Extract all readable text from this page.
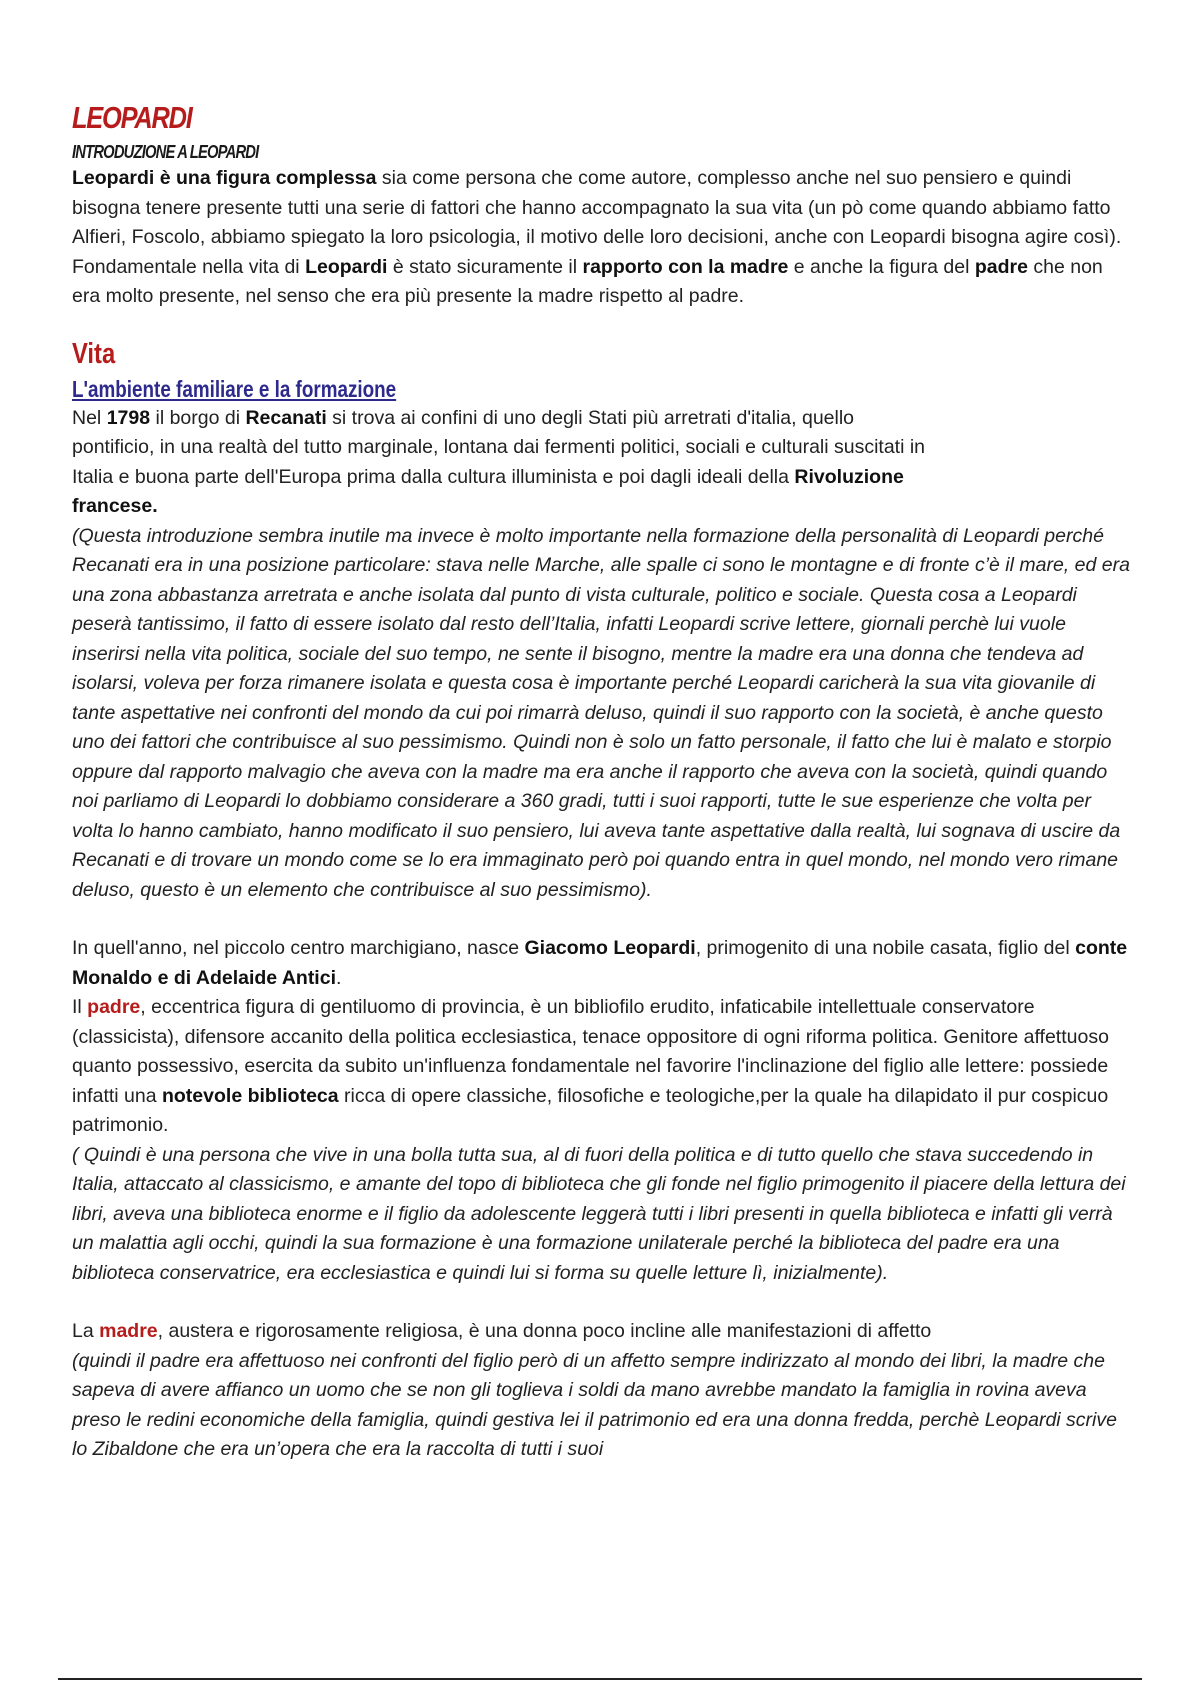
LEOPARDI
INTRODUZIONE A LEOPARDI

Leopardi è una figura complessa sia come persona che come autore, complesso anche nel suo pensiero e quindi bisogna tenere presente tutti una serie di fattori che hanno accompagnato la sua vita (un pò come quando abbiamo fatto Alfieri, Foscolo, abbiamo spiegato la loro psicologia, il motivo delle loro decisioni, anche con Leopardi bisogna agire così). Fondamentale nella vita di Leopardi è stato sicuramente il rapporto con la madre e anche la figura del padre che non era molto presente, nel senso che era più presente la madre rispetto al padre.

Vita
L'ambiente familiare e la formazione

Nel 1798 il borgo di Recanati si trova ai confini di uno degli Stati più arretrati d'italia, quello pontificio, in una realtà del tutto marginale, lontana dai fermenti politici, sociali e culturali suscitati in Italia e buona parte dell'Europa prima dalla cultura illuminista e poi dagli ideali della Rivoluzione francese.

(Questa introduzione sembra inutile ma invece è molto importante nella formazione della personalità di Leopardi perché Recanati era in una posizione particolare: stava nelle Marche, alle spalle ci sono le montagne e di fronte c’è il mare, ed era una zona abbastanza arretrata e anche isolata dal punto di vista culturale, politico e sociale. Questa cosa a Leopardi peserà tantissimo, il fatto di essere isolato dal resto dell’Italia, infatti Leopardi scrive lettere, giornali perchè lui vuole inserirsi nella vita politica, sociale del suo tempo, ne sente il bisogno, mentre la madre era una donna che tendeva ad isolarsi, voleva per forza rimanere isolata e questa cosa è importante perché Leopardi caricherà la sua vita giovanile di tante aspettative nei confronti del mondo da cui poi rimarrà deluso, quindi il suo rapporto con la società, è anche questo uno dei fattori che contribuisce al suo pessimismo. Quindi non è solo un fatto personale, il fatto che lui è malato e storpio oppure dal rapporto malvagio che aveva con la madre ma era anche il rapporto che aveva con la società, quindi quando noi parliamo di Leopardi lo dobbiamo considerare a 360 gradi, tutti i suoi rapporti, tutte le sue esperienze che volta per volta lo hanno cambiato, hanno modificato il suo pensiero, lui aveva tante aspettative dalla realtà, lui sognava di uscire da Recanati e di trovare un mondo come se lo era immaginato però poi quando entra in quel mondo, nel mondo vero rimane deluso, questo è un elemento che contribuisce al suo pessimismo).

In quell'anno, nel piccolo centro marchigiano, nasce Giacomo Leopardi, primogenito di una nobile casata, figlio del conte Monaldo e di Adelaide Antici.

Il padre, eccentrica figura di gentiluomo di provincia, è un bibliofilo erudito, infaticabile intellettuale conservatore (classicista), difensore accanito della politica ecclesiastica, tenace oppositore di ogni riforma politica. Genitore affettuoso quanto possessivo, esercita da subito un'influenza fondamentale nel favorire l'inclinazione del figlio alle lettere: possiede infatti una notevole biblioteca ricca di opere classiche, filosofiche e teologiche,per la quale ha dilapidato il pur cospicuo patrimonio.

( Quindi è una persona che vive in una bolla tutta sua, al di fuori della politica e di tutto quello che stava succedendo in Italia, attaccato al classicismo, e amante del topo di biblioteca che gli fonde nel figlio primogenito il piacere della lettura dei libri, aveva una biblioteca enorme e il figlio da adolescente leggerà tutti i libri presenti in quella biblioteca e infatti gli verrà un malattia agli occhi, quindi la sua formazione è una formazione unilaterale perché la biblioteca del padre era una biblioteca conservatrice, era ecclesiastica e quindi lui si forma su quelle letture lì, inizialmente).

La madre, austera e rigorosamente religiosa, è una donna poco incline alle manifestazioni di affetto

(quindi il padre era affettuoso nei confronti del figlio però di un affetto sempre indirizzato al mondo dei libri, la madre che sapeva di avere affianco un uomo che se non gli toglieva i soldi da mano avrebbe mandato la famiglia in rovina aveva preso le redini economiche della famiglia, quindi gestiva lei il patrimonio ed era una donna fredda, perchè Leopardi scrive lo Zibaldone che era un’opera che era la raccolta di tutti i suoi
